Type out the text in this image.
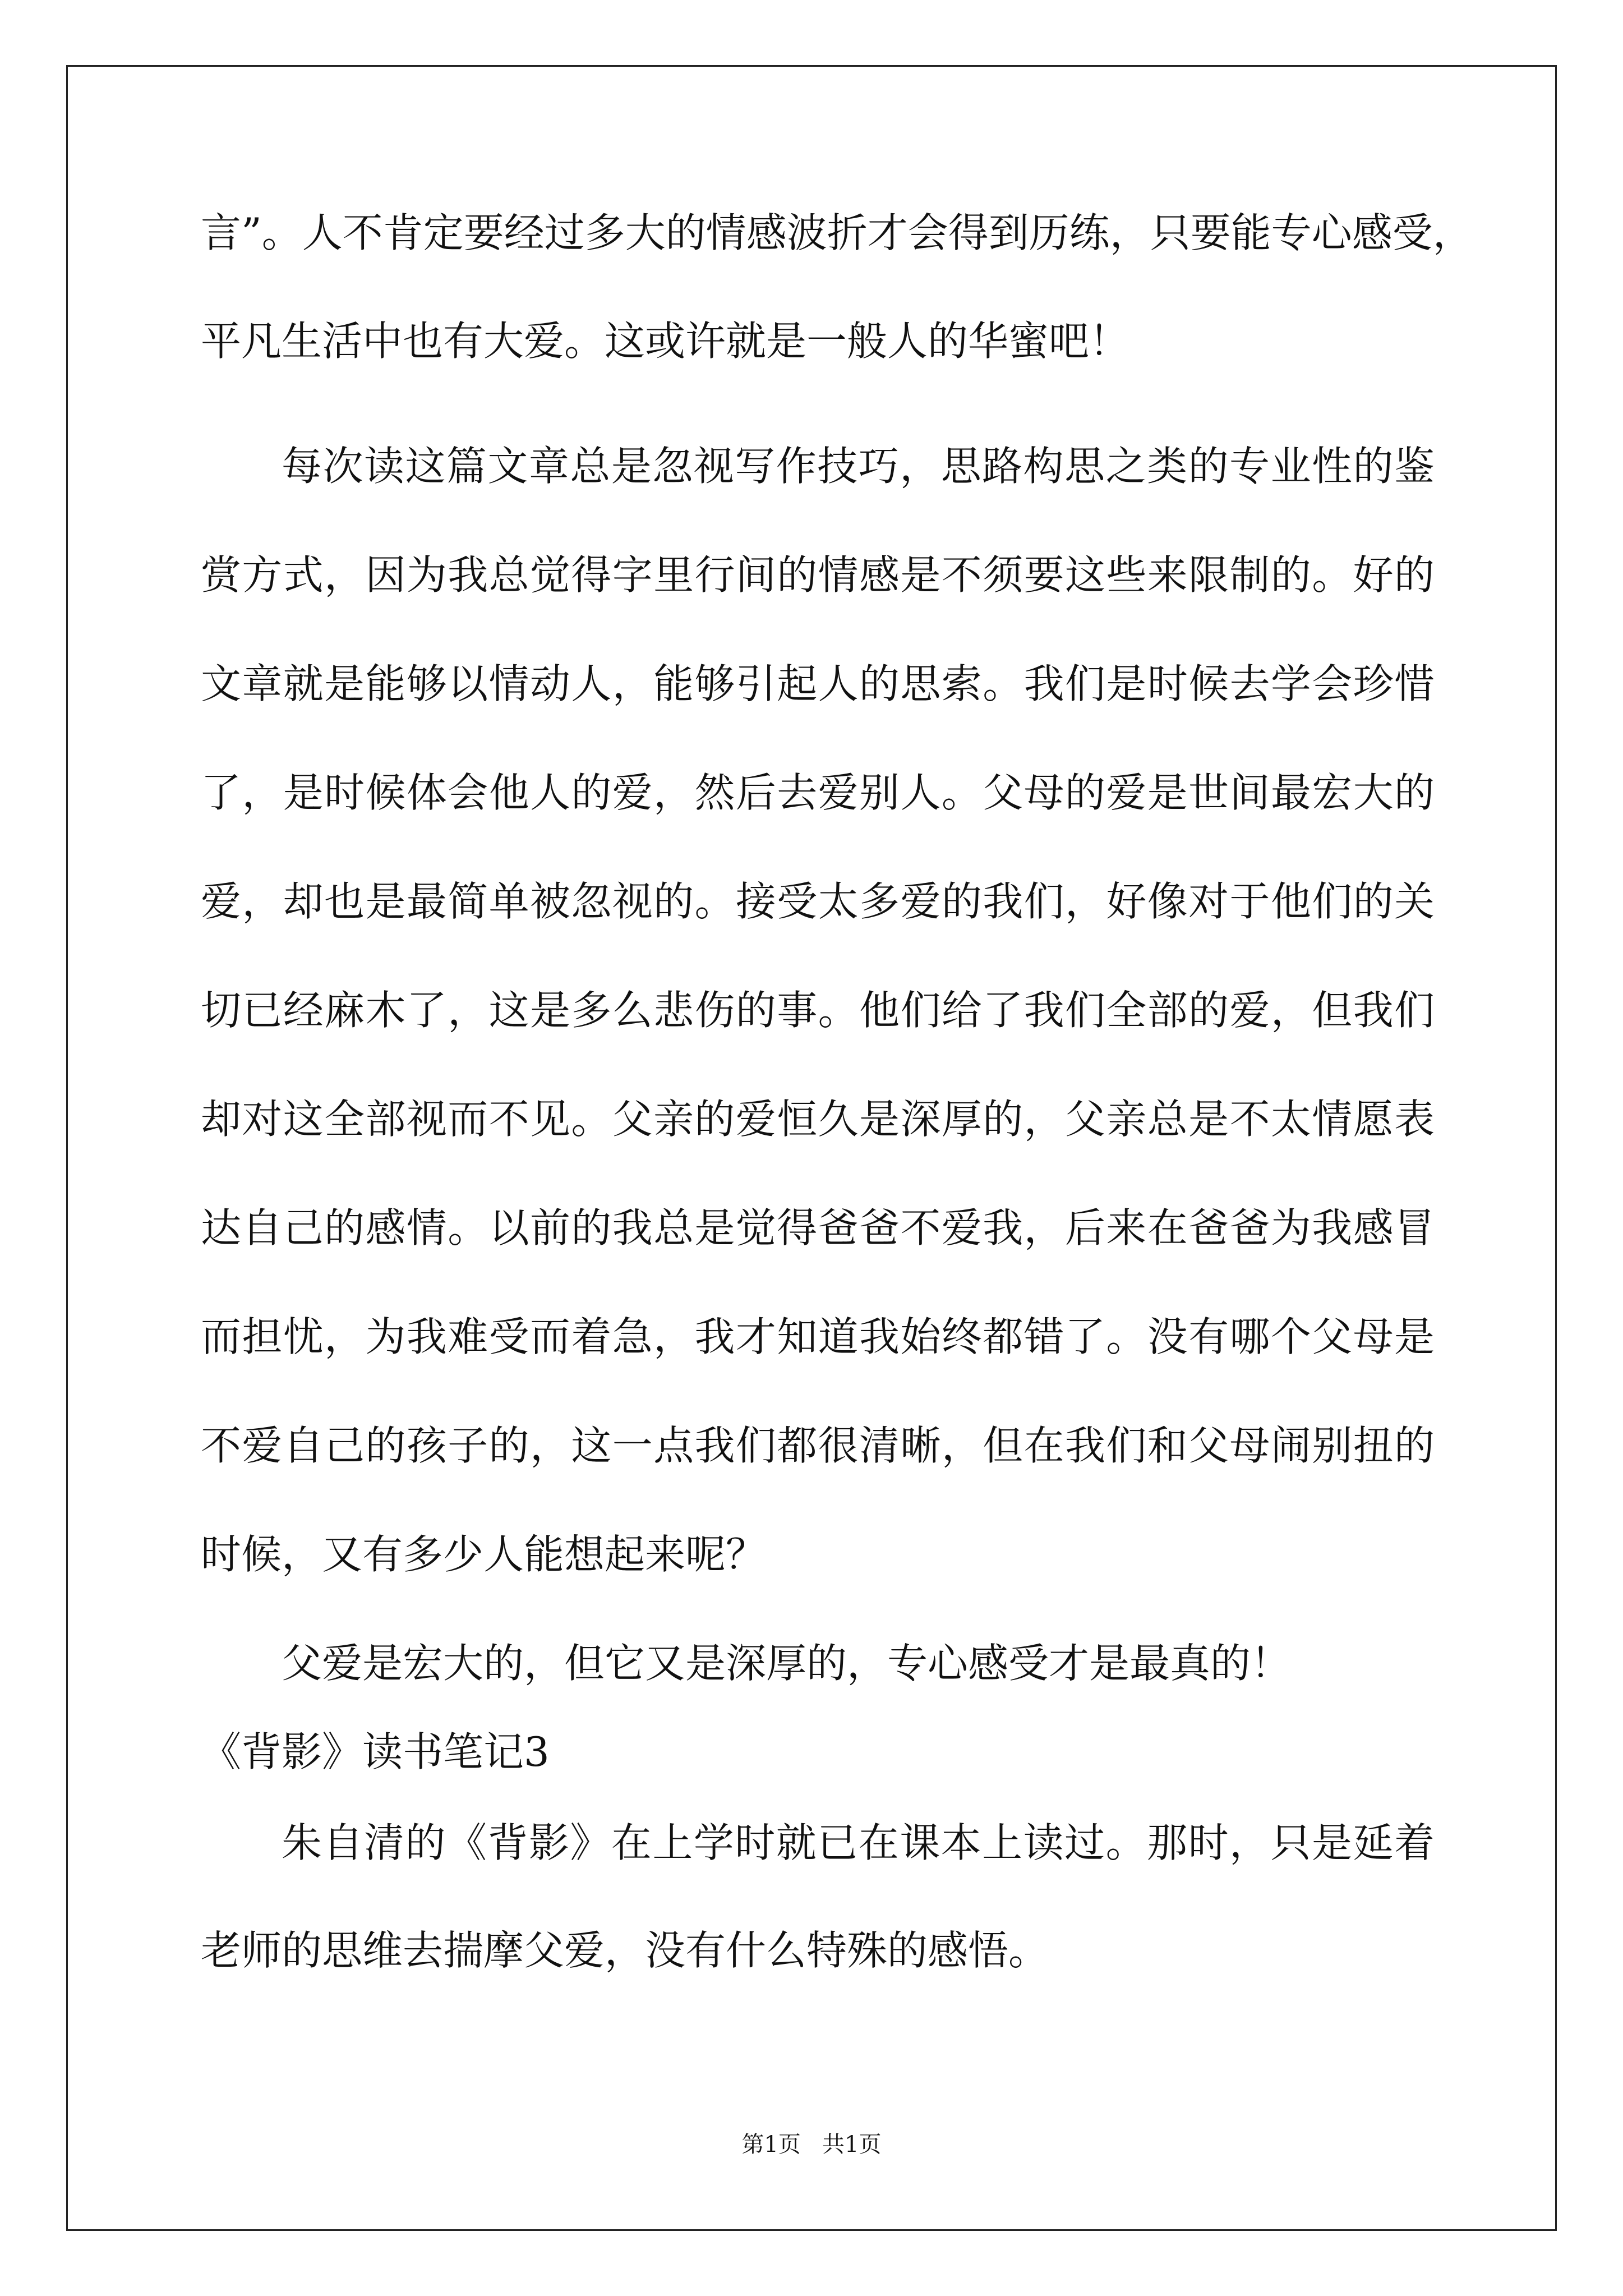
言”。人不肯定要经过多大的情感波折才会得到历练，只要能专心感受，

平凡生活中也有大爱。这或许就是一般人的华蜜吧！

每次读这篇文章总是忽视写作技巧，思路构思之类的专业性的鉴

赏方式，因为我总觉得字里行间的情感是不须要这些来限制的。好的

文章就是能够以情动人，能够引起人的思索。我们是时候去学会珍惜

了，是时候体会他人的爱，然后去爱别人。父母的爱是世间最宏大的

爱，却也是最简单被忽视的。接受太多爱的我们，好像对于他们的关

切已经麻木了，这是多么悲伤的事。他们给了我们全部的爱，但我们

却对这全部视而不见。父亲的爱恒久是深厚的，父亲总是不太情愿表

达自己的感情。以前的我总是觉得爸爸不爱我，后来在爸爸为我感冒

而担忧，为我难受而着急，我才知道我始终都错了。没有哪个父母是

不爱自己的孩子的，这一点我们都很清晰，但在我们和父母闹别扭的

时候，又有多少人能想起来呢？

父爱是宏大的，但它又是深厚的，专心感受才是最真的！

《背影》读书笔记3

朱自清的《背影》在上学时就已在课本上读过。那时，只是延着

老师的思维去揣摩父爱，没有什么特殊的感悟。

第1页   共1页
